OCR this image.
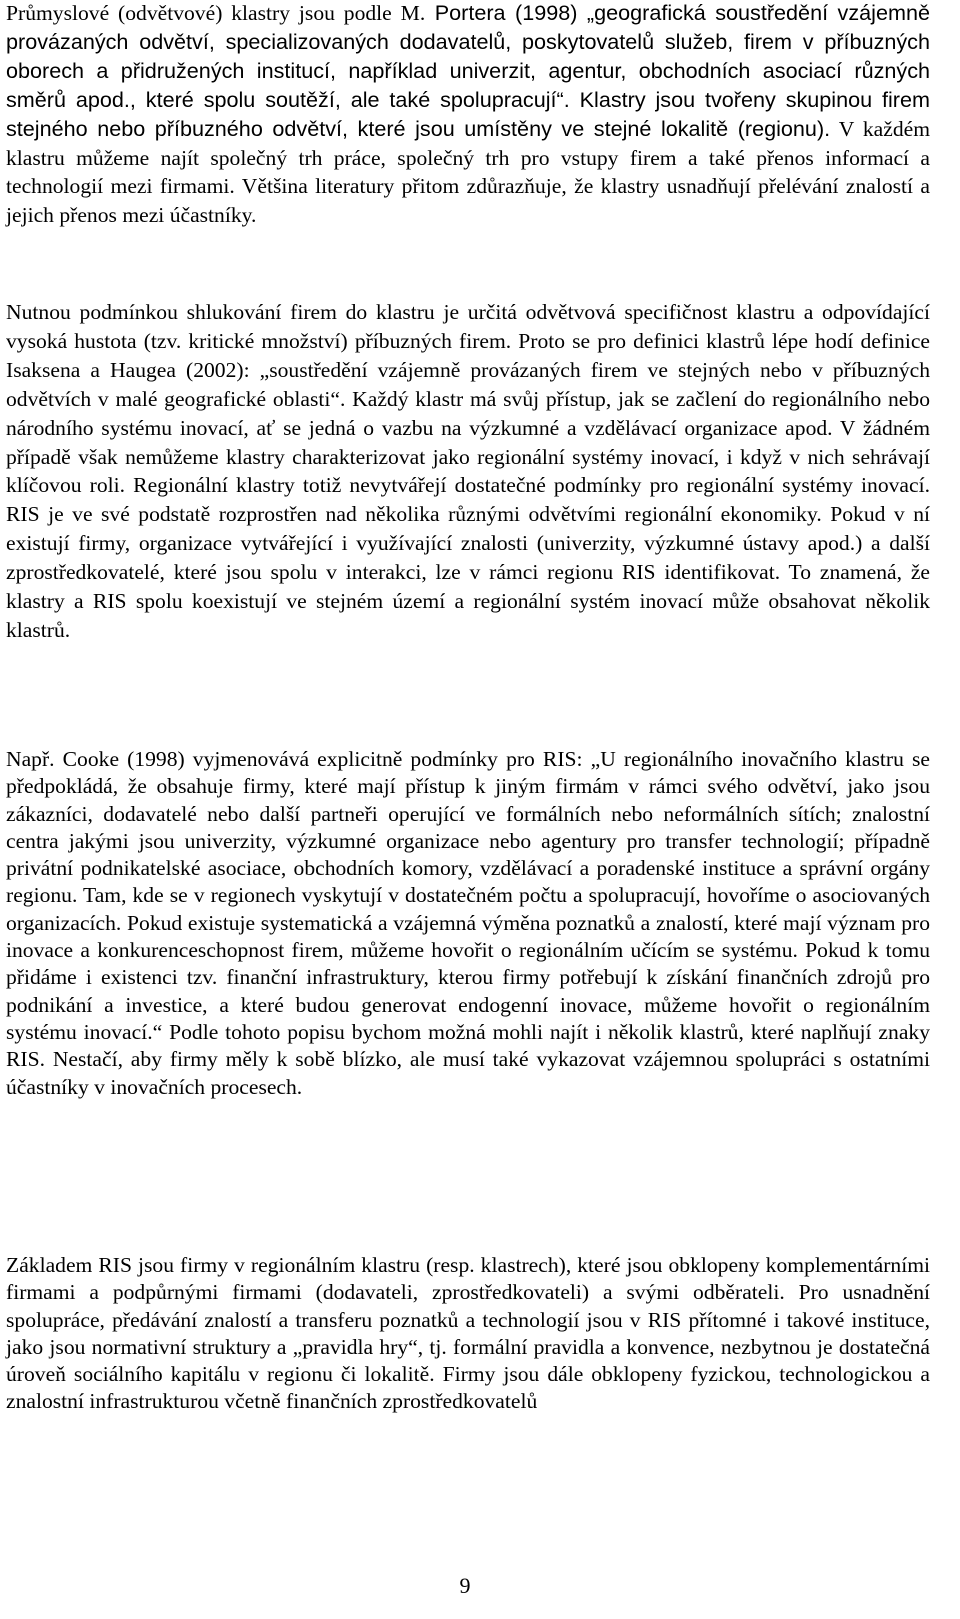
Průmyslové (odvětvové) klastry jsou podle M. Portera (1998) „geografická soustředění vzájemně provázaných odvětví, specializovaných dodavatelů, poskytovatelů služeb, firem v příbuzných oborech a přidružených institucí, například univerzit, agentur, obchodních asociací různých směrů apod., které spolu soutěží, ale také spolupracují“. Klastry jsou tvořeny skupinou firem stejného nebo příbuzného odvětví, které jsou umístěny ve stejné lokalitě (regionu). V každém klastru můžeme najít společný trh práce, společný trh pro vstupy firem a také přenos informací a technologií mezi firmami. Většina literatury přitom zdůrazňuje, že klastry usnadňují přelévání znalostí a jejich přenos mezi účastníky.

Nutnou podmínkou shlukování firem do klastru je určitá odvětvová specifičnost klastru a odpovídající vysoká hustota (tzv. kritické množství) příbuzných firem. Proto se pro definici klastrů lépe hodí definice Isaksena a Haugea (2002): „soustředění vzájemně provázaných firem ve stejných nebo v příbuzných odvětvích v malé geografické oblasti“. Každý klastr má svůj přístup, jak se začlení do regionálního nebo národního systému inovací, ať se jedná o vazbu na výzkumné a vzdělávací organizace apod. V žádném případě však nemůžeme klastry charakterizovat jako regionální systémy inovací, i když v nich sehrávají klíčovou roli. Regionální klastry totiž nevytvářejí dostatečné podmínky pro regionální systémy inovací. RIS je ve své podstatě rozprostřen nad několika různými odvětvími regionální ekonomiky. Pokud v ní existují firmy, organizace vytvářející i využívající znalosti (univerzity, výzkumné ústavy apod.) a další zprostředkovatelé, které jsou spolu v interakci, lze v rámci regionu RIS identifikovat. To znamená, že klastry a RIS spolu koexistují ve stejném území a regionální systém inovací může obsahovat několik klastrů.

Např. Cooke (1998) vyjmenovává explicitně podmínky pro RIS: „U regionálního inovačního klastru se předpokládá, že obsahuje firmy, které mají přístup k jiným firmám v rámci svého odvětví, jako jsou zákazníci, dodavatelé nebo další partneři operující ve formálních nebo neformálních sítích; znalostní centra jakými jsou univerzity, výzkumné organizace nebo agentury pro transfer technologií; případně privátní podnikatelské asociace, obchodních komory, vzdělávací a poradenské instituce a správní orgány regionu. Tam, kde se v regionech vyskytují v dostatečném počtu a spolupracují, hovoříme o asociovaných organizacích. Pokud existuje systematická a vzájemná výměna poznatků a znalostí, které mají význam pro inovace a konkurenceschopnost firem, můžeme hovořit o regionálním učícím se systému. Pokud k tomu přidáme i existenci tzv. finanční infrastruktury, kterou firmy potřebují k získání finančních zdrojů pro podnikání a investice, a které budou generovat endogenní inovace, můžeme hovořit o regionálním systému inovací.“ Podle tohoto popisu bychom možná mohli najít i několik klastrů, které naplňují znaky RIS. Nestačí, aby firmy měly k sobě blízko, ale musí také vykazovat vzájemnou spolupráci s ostatními účastníky v inovačních procesech.

Základem RIS jsou firmy v regionálním klastru (resp. klastrech), které jsou obklopeny komplementárními firmami a podpůrnými firmami (dodavateli, zprostředkovateli) a svými odběrateli. Pro usnadnění spolupráce, předávání znalostí a transferu poznatků a technologií jsou v RIS přítomné i takové instituce, jako jsou normativní struktury a „pravidla hry“, tj. formální pravidla a konvence, nezbytnou je dostatečná úroveň sociálního kapitálu v regionu či lokalitě. Firmy jsou dále obklopeny fyzickou, technologickou a znalostní infrastrukturou včetně finančních zprostředkovatelů

9
